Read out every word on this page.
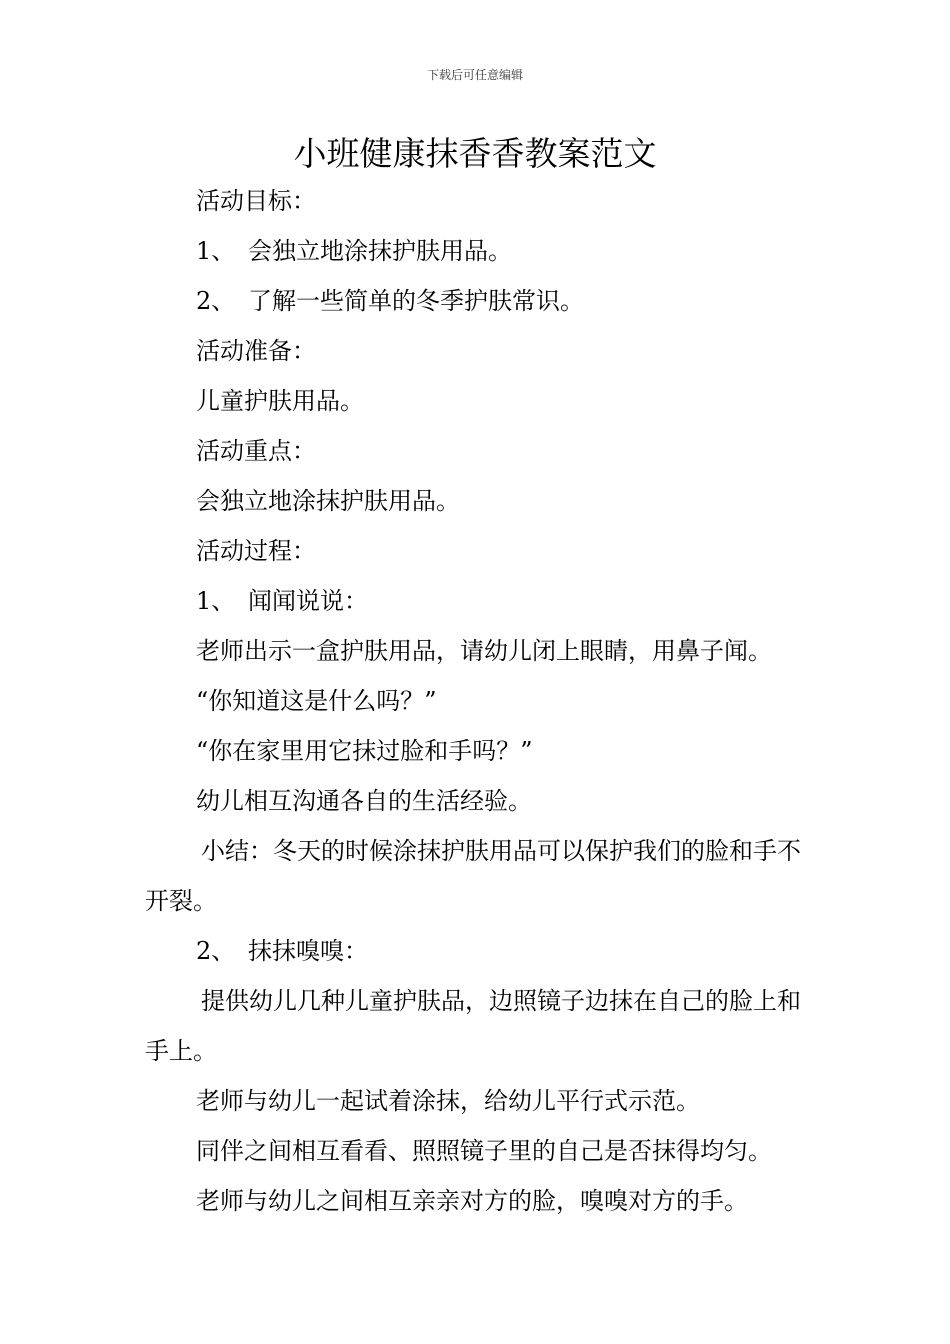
下载后可任意编辑
小班健康抹香香教案范文

活动目标：

1、 会独立地涂抹护肤用品。

2、 了解一些简单的冬季护肤常识。

活动准备：

儿童护肤用品。

活动重点：

会独立地涂抹护肤用品。

活动过程：

1、 闻闻说说：

老师出示一盒护肤用品，请幼儿闭上眼睛，用鼻子闻。

“你知道这是什么吗？”

“你在家里用它抹过脸和手吗？”

幼儿相互沟通各自的生活经验。

小结：冬天的时候涂抹护肤用品可以保护我们的脸和手不开裂。

2、 抹抹嗅嗅：

提供幼儿几种儿童护肤品，边照镜子边抹在自己的脸上和手上。

老师与幼儿一起试着涂抹，给幼儿平行式示范。

同伴之间相互看看、照照镜子里的自己是否抹得均匀。

老师与幼儿之间相互亲亲对方的脸，嗅嗅对方的手。
